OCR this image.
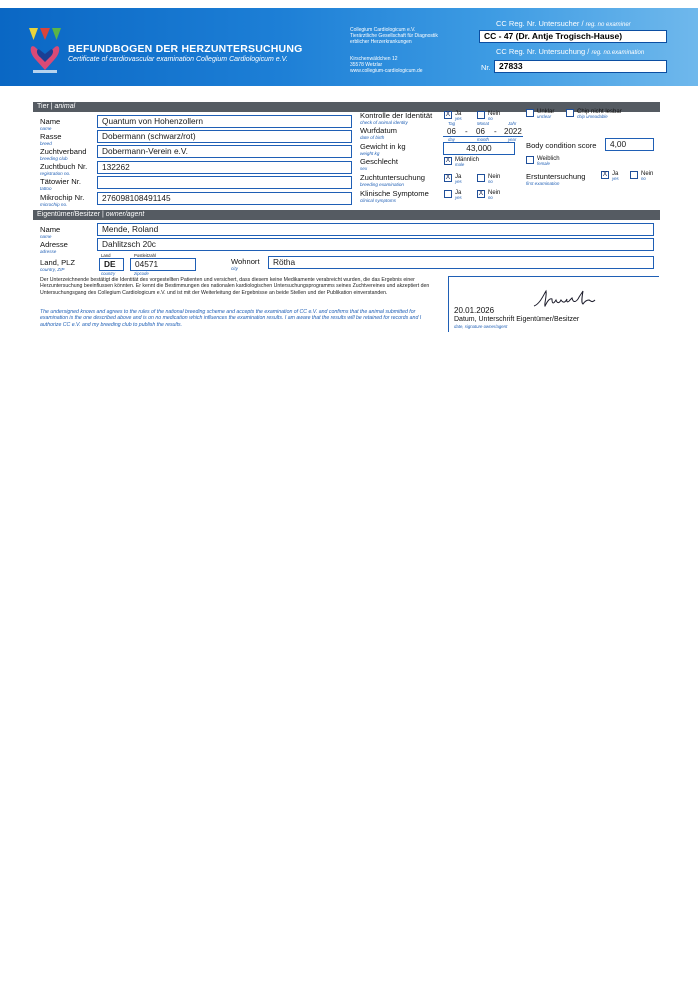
BEFUNDBOGEN DER HERZUNTERSUCHUNG
Certificate of cardiovascular examination Collegium Cardiologicum e.V.
Collegium Cardiologicum e.V.
Tierärztliche Gesellschaft für Diagnostik
erblicher Herzerkrankungen
Kirschenwäldchen 12
35578 Wetzlar
www.collegium-cardiologicum.de
CC Reg. Nr. Untersucher / reg. no examiner
CC - 47 (Dr. Antje Trogisch-Hause)
CC Reg. Nr. Untersuchung / reg. no.examination
Nr. 27833
Tier | animal
Name
name
Quantum von Hohenzollern
Rasse
breed
Dobermann (schwarz/rot)
Zuchtverband
breeding club
Dobermann-Verein e.V.
Zuchtbuch Nr.
registration no.
132262
Tätowier Nr.
tattoo
Mikrochip Nr.
microchip no.
276098108491145
Kontrolle der Identität
check of animal identity
X Ja
yes
Nein
no
Unklar
unclear
Chip nicht lesbar
chip unreadable
Wurfdatum
date of birth
Tag	Monat	Jahr
06 - 06 - 2022
day	month	year
Gewicht in kg
weight kg
43,000	Body condition score	4,00
Geschlecht
sex
X Männlich
male
Weiblich
female
Zuchtuntersuchung
breeding examination
X Ja
yes
Nein
no
Erstuntersuchung
first examination
X Ja
yes
Nein
no
Klinische Symptome
clinical symptoms
Ja
yes
X Nein
no
Eigentümer/Besitzer | owner/agent
Name
name
Mende, Roland
Adresse
adresse
Dahlitzsch 20c
Land, PLZ
country, ZIP
Land	Postleitzahl
DE	04571
country	zipcode
Wohnort
city
Rötha
Der Unterzeichnende bestätigt die Identität des vorgestellten Patienten und versichert, dass diesem keine Medikamente verabreicht wurden, die das Ergebnis einer Herzuntersuchung beeinflussen könnten. Er kennt die Bestimmungen des nationalen kardiologischen Untersuchungsprogramms seines Zuchtvereines und akzeptiert den Untersuchungsgang des Collegium Cardiologicum e.V. und ist mit der Weiterleitung der Ergebnisse an beide Stellen und der Publikation einverstanden.
The undersigned knows and agrees to the rules of the national breeding scheme and accepts the examination of CC e.V. and confirms that the animal submitted for examination is the one described above and is on no medication which influences the examination results. I am aware that the results will be retained for records and I authorize CC e.V. and my breeding club to publish the results.
20.01.2026
Datum, Unterschrift Eigentümer/Besitzer
date, signature owner/agent
